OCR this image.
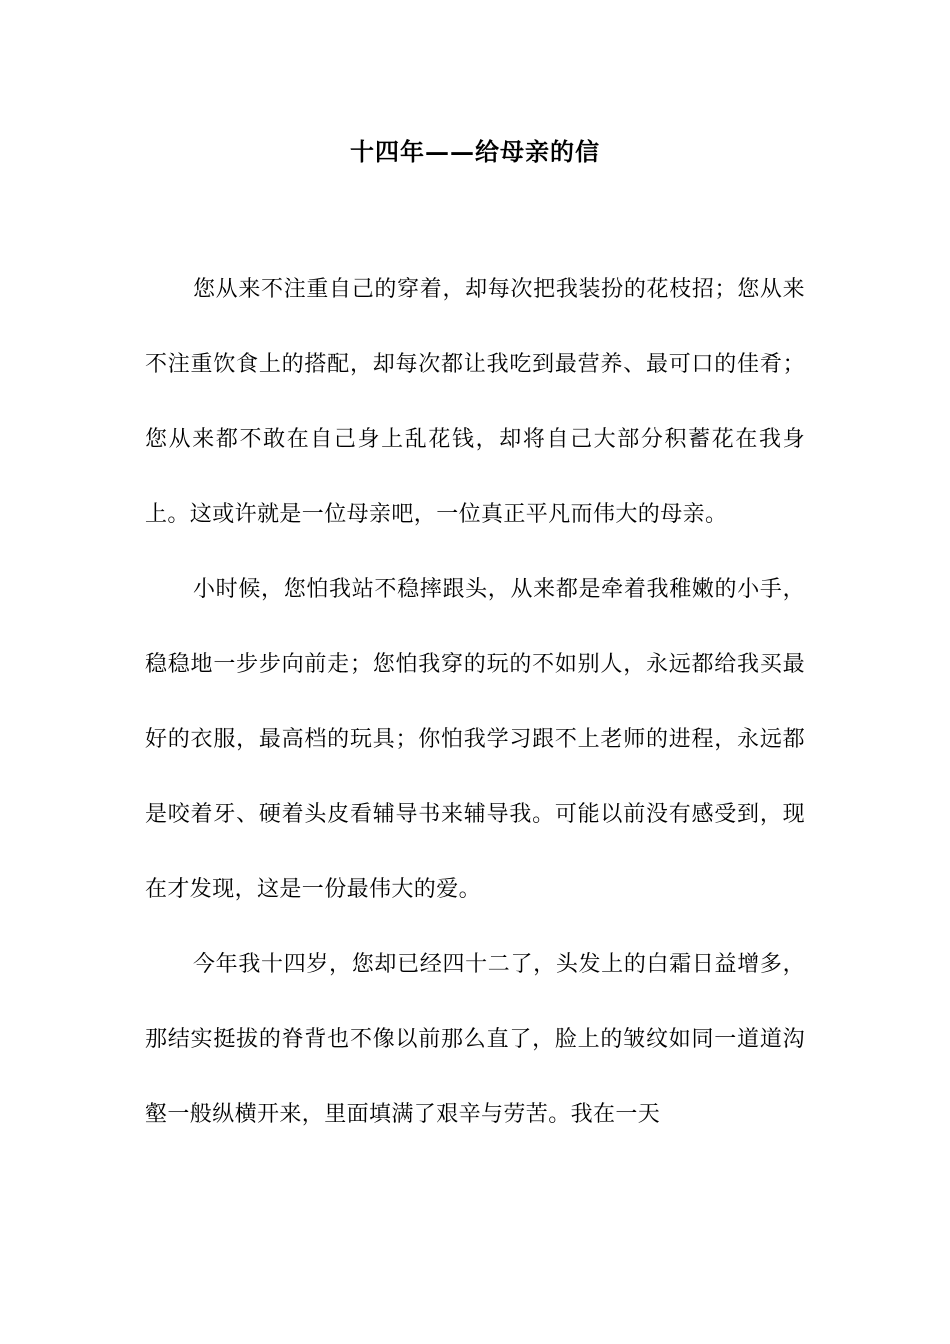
十四年——给母亲的信

您从来不注重自己的穿着，却每次把我装扮的花枝招；您从来不注重饮食上的搭配，却每次都让我吃到最营养、最可口的佳肴；您从来都不敢在自己身上乱花钱，却将自己大部分积蓄花在我身上。这或许就是一位母亲吧，一位真正平凡而伟大的母亲。

小时候，您怕我站不稳摔跟头，从来都是牵着我稚嫩的小手，稳稳地一步步向前走；您怕我穿的玩的不如别人，永远都给我买最好的衣服，最高档的玩具；你怕我学习跟不上老师的进程，永远都是咬着牙、硬着头皮看辅导书来辅导我。可能以前没有感受到，现在才发现，这是一份最伟大的爱。

今年我十四岁，您却已经四十二了，头发上的白霜日益增多，那结实挺拔的脊背也不像以前那么直了，脸上的皱纹如同一道道沟壑一般纵横开来，里面填满了艰辛与劳苦。我在一天
